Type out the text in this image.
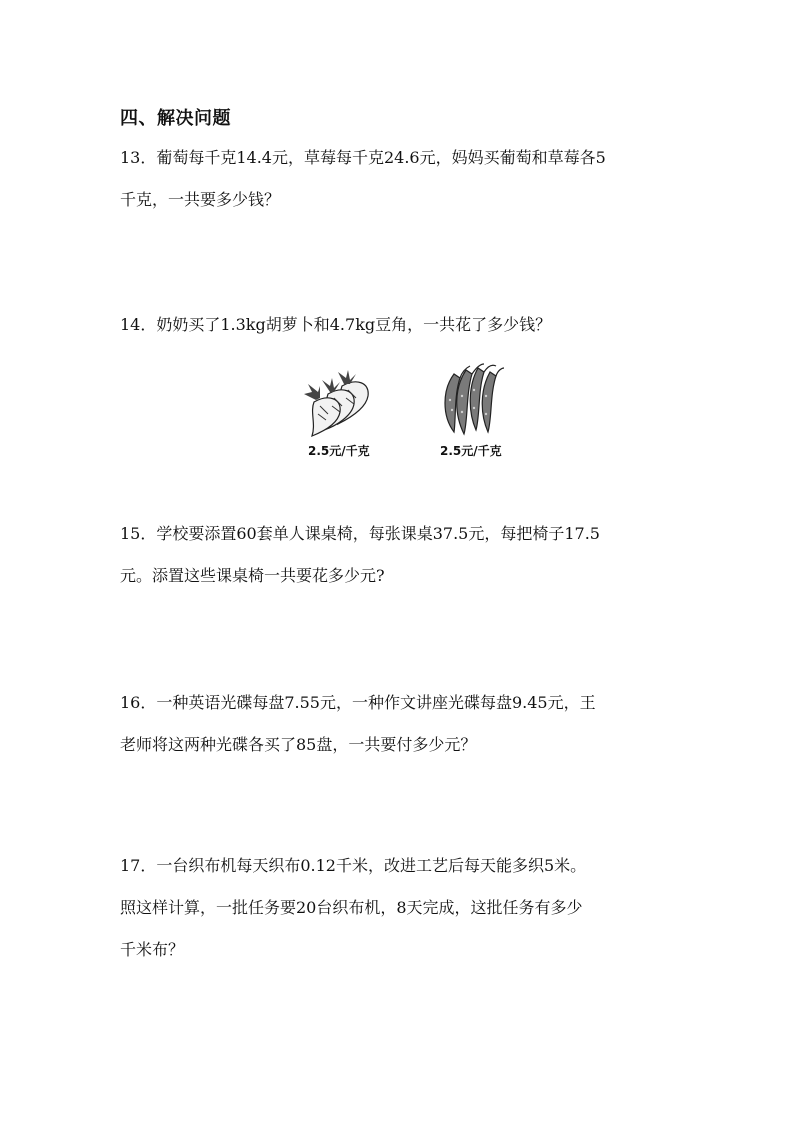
四、解决问题
13．葡萄每千克14.4元，草莓每千克24.6元，妈妈买葡萄和草莓各5
千克，一共要多少钱？
14．奶奶买了1.3kg胡萝卜和4.7kg豆角，一共花了多少钱？
2.5元/千克	2.5元/千克
15．学校要添置60套单人课桌椅，每张课桌37.5元，每把椅子17.5
元。添置这些课桌椅一共要花多少元?
16．一种英语光碟每盘7.55元，一种作文讲座光碟每盘9.45元，王
老师将这两种光碟各买了85盘，一共要付多少元？
17．一台织布机每天织布0.12千米，改进工艺后每天能多织5米。
照这样计算，一批任务要20台织布机，8天完成，这批任务有多少
千米布？
